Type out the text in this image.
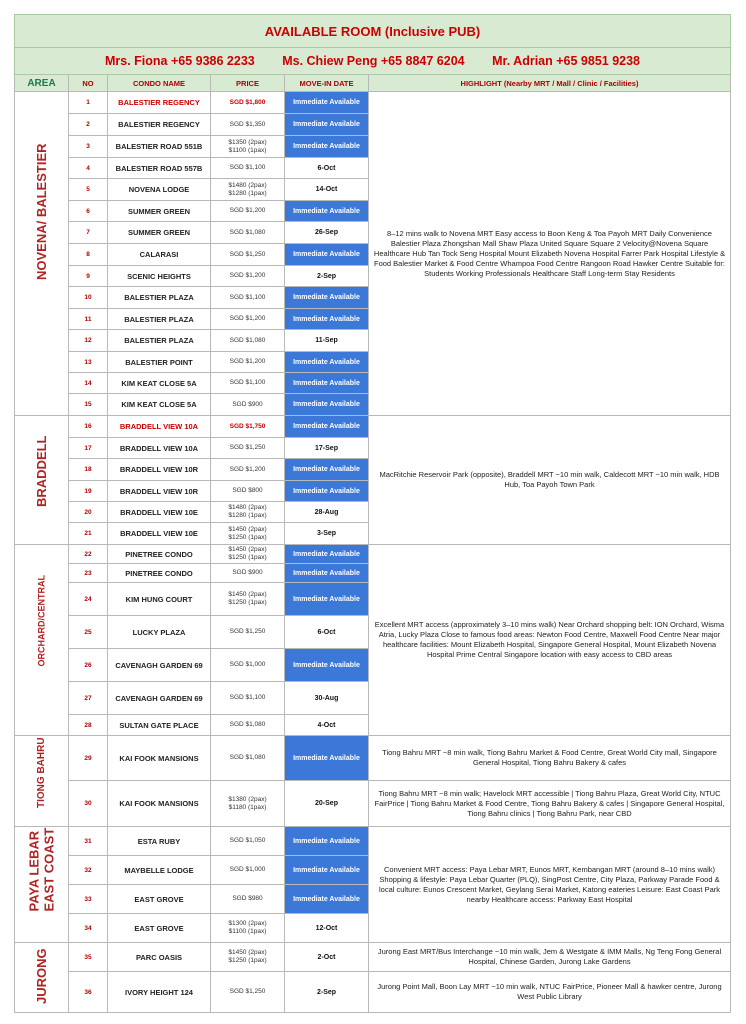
AVAILABLE ROOM (Inclusive PUB)					
Mrs. Fiona +65 9386 2233 Ms. Chiew Peng +65 8847 6204 Mr. Adrian +65 9851 9238					
AREA	NO	CONDO NAME	PRICE	MOVE-IN DATE	HIGHLIGHT (Nearby MRT / Mall / Clinic / Facilities)

NOVENA/ BALESTIER	1	BALESTIER REGENCY	SGD $1,800	Immediate Available	8–12 mins walk to Novena MRT Easy access to Boon Keng & Toa Payoh MRT Daily Convenience Balestier Plaza Zhongshan Mall Shaw Plaza United Square Square 2 Velocity@Novena Square Healthcare Hub Tan Tock Seng Hospital Mount Elizabeth Novena Hospital Farrer Park Hospital Lifestyle & Food Balestier Market & Food Centre Whampoa Food Centre Rangoon Road Hawker Centre Suitable for: Students Working Professionals Healthcare Staff Long-term Stay Residents
	2	BALESTIER REGENCY	SGD $1,350	Immediate Available	
	3	BALESTIER ROAD 551B	$1350 (2pax)
$1100 (1pax)	Immediate Available	
	4	BALESTIER ROAD 557B	SGD $1,100	6-Oct	
	5	NOVENA LODGE	$1480 (2pax)
$1280 (1pax)	14-Oct	
	6	SUMMER GREEN	SGD $1,200	Immediate Available	
	7	SUMMER GREEN	SGD $1,080	26-Sep	
	8	CALARASI	SGD $1,250	Immediate Available	
	9	SCENIC HEIGHTS	SGD $1,200	2-Sep	
	10	BALESTIER PLAZA	SGD $1,100	Immediate Available	
	11	BALESTIER PLAZA	SGD $1,200	Immediate Available	
	12	BALESTIER PLAZA	SGD $1,080	11-Sep	
	13	BALESTIER POINT	SGD $1,200	Immediate Available	
	14	KIM KEAT CLOSE 5A	SGD $1,100	Immediate Available	
	15	KIM KEAT CLOSE 5A	SGD $900	Immediate Available	

BRADDELL	16	BRADDELL VIEW 10A	SGD $1,750	Immediate Available	MacRitchie Reservoir Park (opposite), Braddell MRT ~10 min walk, Caldecott MRT ~10 min walk, HDB Hub, Toa Payoh Town Park
	17	BRADDELL VIEW 10A	SGD $1,250	17-Sep	
	18	BRADDELL VIEW 10R	SGD $1,200	Immediate Available	
	19	BRADDELL VIEW 10R	SGD $800	Immediate Available	
	20	BRADDELL VIEW 10E	$1480 (2pax)
$1280 (1pax)	28-Aug	
	21	BRADDELL VIEW 10E	$1450 (2pax)
$1250 (1pax)	3-Sep	

ORCHARD/CENTRAL	22	PINETREE CONDO	$1450 (2pax)
$1250 (1pax)	Immediate Available	Excellent MRT access (approximately 3–10 mins walk) Near Orchard shopping belt: ION Orchard, Wisma Atria, Lucky Plaza Close to famous food areas: Newton Food Centre, Maxwell Food Centre Near major healthcare facilities: Mount Elizabeth Hospital, Singapore General Hospital, Mount Elizabeth Novena Hospital Prime Central Singapore location with easy access to CBD areas
	23	PINETREE CONDO	SGD $900	Immediate Available	
	24	KIM HUNG COURT	$1450 (2pax)
$1250 (1pax)	Immediate Available	
	25	LUCKY PLAZA	SGD $1,250	6-Oct	
	26	CAVENAGH GARDEN 69	SGD $1,000	Immediate Available	
	27	CAVENAGH GARDEN 69	SGD $1,100	30-Aug	
	28	SULTAN GATE PLACE	SGD $1,080	4-Oct	

TIONG BAHRU	29	KAI FOOK MANSIONS	SGD $1,080	Immediate Available	Tiong Bahru MRT ~8 min walk, Tiong Bahru Market & Food Centre, Great World City mall, Singapore General Hospital, Tiong Bahru Bakery & cafes
	30	KAI FOOK MANSIONS	$1380 (2pax)
$1180 (1pax)	20-Sep	Tiong Bahru MRT ~8 min walk; Havelock MRT accessible | Tiong Bahru Plaza, Great World City, NTUC FairPrice | Tiong Bahru Market & Food Centre, Tiong Bahru Bakery & cafes | Singapore General Hospital, Tiong Bahru clinics | Tiong Bahru Park, near CBD

PAYA LEBAR EAST COAST	31	ESTA RUBY	SGD $1,050	Immediate Available	Convenient MRT access: Paya Lebar MRT, Eunos MRT, Kembangan MRT (around 8–10 mins walk) Shopping & lifestyle: Paya Lebar Quarter (PLQ), SingPost Centre, City Plaza, Parkway Parade Food & local culture: Eunos Crescent Market, Geylang Serai Market, Katong eateries Leisure: East Coast Park nearby Healthcare access: Parkway East Hospital
	32	MAYBELLE LODGE	SGD $1,000	Immediate Available	
	33	EAST GROVE	SGD $980	Immediate Available	
	34	EAST GROVE	$1300 (2pax)
$1100 (1pax)	12-Oct	

JURONG	35	PARC OASIS	$1450 (2pax)
$1250 (1pax)	2-Oct	Jurong East MRT/Bus Interchange ~10 min walk, Jem & Westgate & IMM Malls, Ng Teng Fong General Hospital, Chinese Garden, Jurong Lake Gardens
	36	IVORY HEIGHT 124	SGD $1,250	2-Sep	Jurong Point Mall, Boon Lay MRT ~10 min walk, NTUC FairPrice, Pioneer Mall & hawker centre, Jurong West Public Library
